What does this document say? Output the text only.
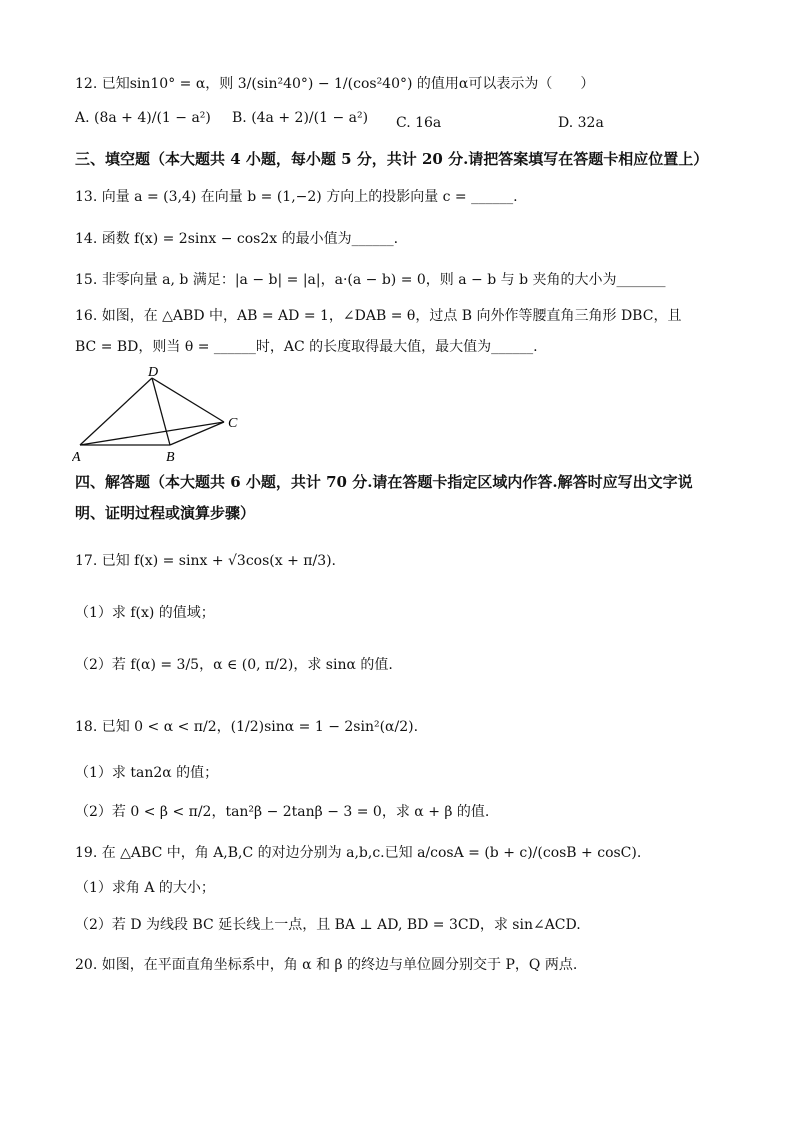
12. 已知sin10° = α，则 3/(sin²40°) − 1/(cos²40°) 的值用α可以表示为（　　）
A. (8a + 4)/(1 − a²) B. (4a + 2)/(1 − a²) C. 16a	D. 32a
三、填空题（本大题共 4 小题，每小题 5 分，共计 20 分.请把答案填写在答题卡相应位置上）
13. 向量 a = (3,4) 在向量 b = (1,−2) 方向上的投影向量 c = ______.
14. 函数 f(x) = 2sinx − cos2x 的最小值为______.
15. 非零向量 a, b 满足：|a − b| = |a|，a·(a − b) = 0，则 a − b 与 b 夹角的大小为_______
16. 如图，在 △ABD 中，AB = AD = 1，∠DAB = θ，过点 B 向外作等腰直角三角形 DBC，且
BC = BD，则当 θ = ______时，AC 的长度取得最大值，最大值为______.
D
C
A	B
四、解答题（本大题共 6 小题，共计 70 分.请在答题卡指定区域内作答.解答时应写出文字说
明、证明过程或演算步骤）
17. 已知 f(x) = sinx + √3cos(x + π/3).
（1）求 f(x) 的值域；
（2）若 f(α) = 3/5，α ∈ (0, π/2)，求 sinα 的值.
18. 已知 0 < α < π/2，(1/2)sinα = 1 − 2sin²(α/2).
（1）求 tan2α 的值；
（2）若 0 < β < π/2，tan²β − 2tanβ − 3 = 0，求 α + β 的值.
19. 在 △ABC 中，角 A,B,C 的对边分别为 a,b,c.已知 a/cosA = (b + c)/(cosB + cosC).
（1）求角 A 的大小；
（2）若 D 为线段 BC 延长线上一点，且 BA ⊥ AD, BD = 3CD，求 sin∠ACD.
20. 如图，在平面直角坐标系中，角 α 和 β 的终边与单位圆分别交于 P，Q 两点.
